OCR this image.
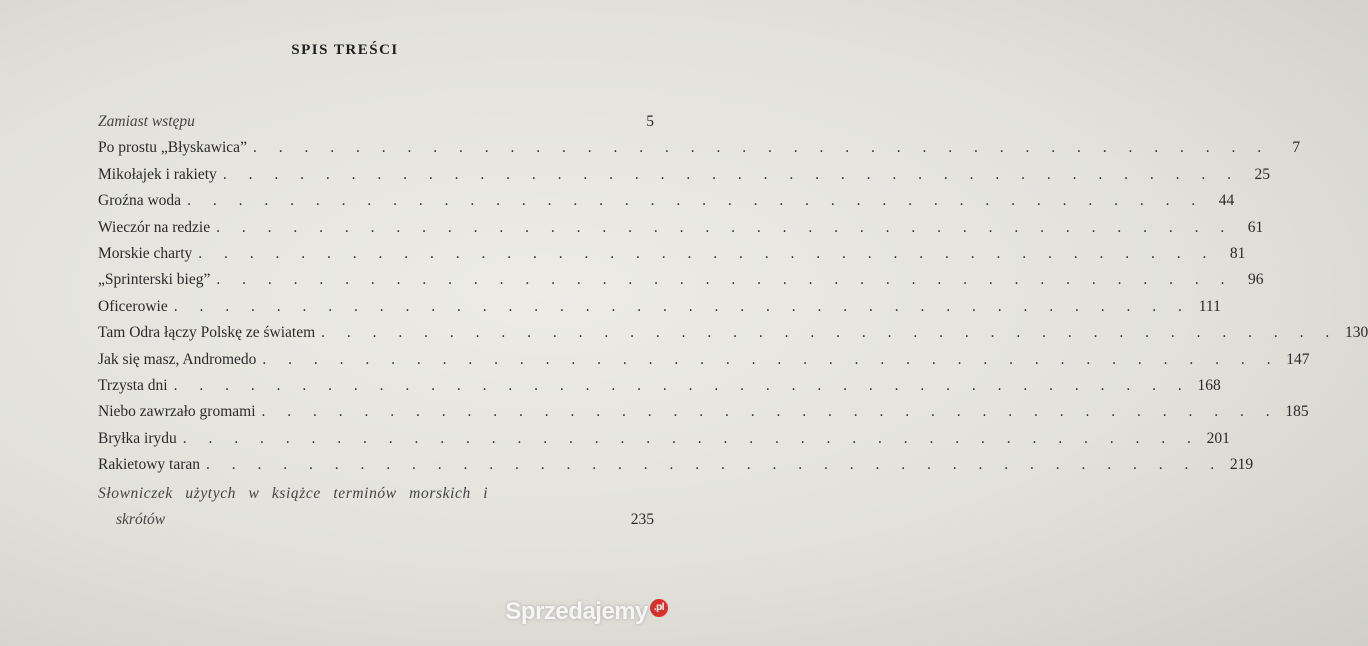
SPIS TREŚCI
Zamiast wstępu	5
Po prostu „Błyskawica” . . . . . . . . . . . . . . . . . . . . . . . . . . . . . . . . . . . . . . . .	7
Mikołajek i rakiety . . . . . . . . . . . . . . . . . . . . . . . . . . . . . . . . . . . . . . . . 25
Groźna woda . . . . . . . . . . . . . . . . . . . . . . . . . . . . . . . . . . . . . . . . 44
Wieczór na redzie . . . . . . . . . . . . . . . . . . . . . . . . . . . . . . . . . . . . . . . . 61
Morskie charty . . . . . . . . . . . . . . . . . . . . . . . . . . . . . . . . . . . . . . . . 81
„Sprinterski bieg” . . . . . . . . . . . . . . . . . . . . . . . . . . . . . . . . . . . . . . . . 96
Oficerowie . . . . . . . . . . . . . . . . . . . . . . . . . . . . . . . . . . . . . . . . 111
Tam Odra łączy Polskę ze światem . . . . . . . . . . . . . . . . . . . . . . . . . . . . . . . . . . . . . . . . 130
Jak się masz, Andromedo . . . . . . . . . . . . . . . . . . . . . . . . . . . . . . . . . . . . . . . . 147
Trzysta dni . . . . . . . . . . . . . . . . . . . . . . . . . . . . . . . . . . . . . . . . 168
Niebo zawrzało gromami . . . . . . . . . . . . . . . . . . . . . . . . . . . . . . . . . . . . . . . . 185
Bryłka irydu . . . . . . . . . . . . . . . . . . . . . . . . . . . . . . . . . . . . . . . . 201
Rakietowy taran . . . . . . . . . . . . . . . . . . . . . . . . . . . . . . . . . . . . . . . . 219
Słowniczek użytych w książce terminów morskich i
skrótów	235
Sprzedajemy .pl
